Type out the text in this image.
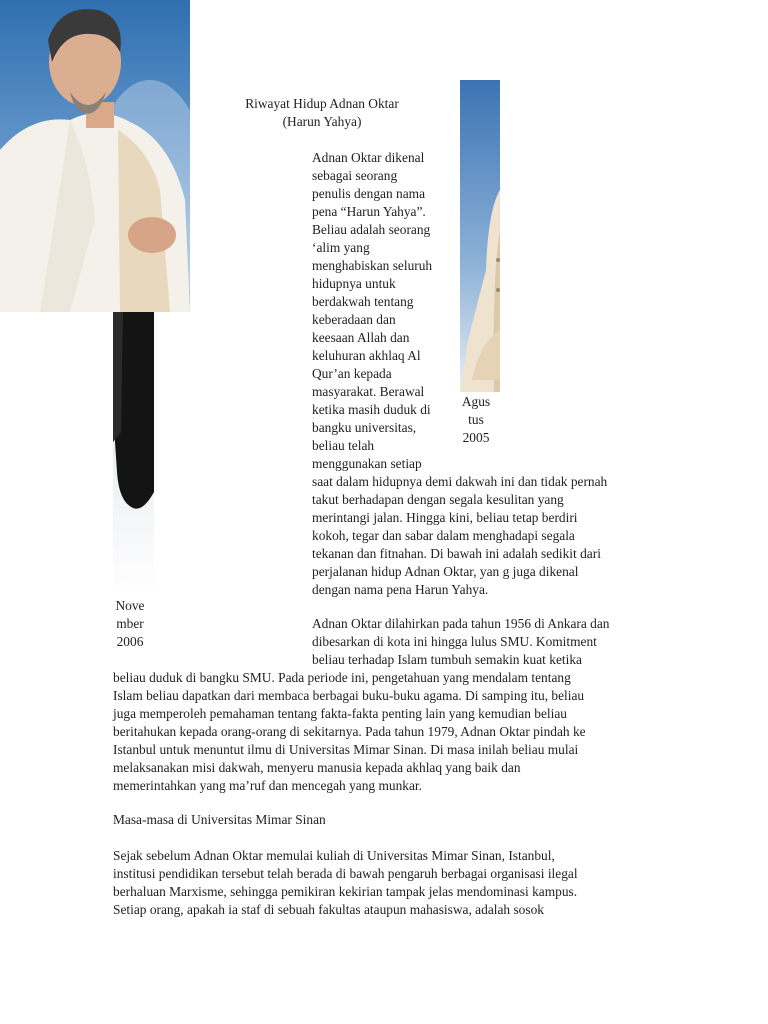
Agus
tus
2005
Nove
mber
2006
Riwayat Hidup Adnan Oktar
(Harun Yahya)
Adnan Oktar dikenal
sebagai seorang
penulis dengan nama
pena “Harun Yahya”.
Beliau adalah seorang
‘alim yang
menghabiskan seluruh
hidupnya untuk
berdakwah tentang
keberadaan dan
keesaan Allah dan
keluhuran akhlaq Al
Qur’an kepada
masyarakat. Berawal
ketika masih duduk di
bangku universitas,
beliau telah
menggunakan setiap
saat dalam hidupnya demi dakwah ini dan tidak pernah
takut berhadapan dengan segala kesulitan yang
merintangi jalan. Hingga kini, beliau tetap berdiri
kokoh, tegar dan sabar dalam menghadapi segala
tekanan dan fitnahan. Di bawah ini adalah sedikit dari
perjalanan hidup Adnan Oktar, yan g juga dikenal
dengan nama pena Harun Yahya.
Adnan Oktar dilahirkan pada tahun 1956 di Ankara dan
dibesarkan di kota ini hingga lulus SMU. Komitment
beliau terhadap Islam tumbuh semakin kuat ketika
beliau duduk di bangku SMU. Pada periode ini, pengetahuan yang mendalam tentang
Islam beliau dapatkan dari membaca berbagai buku-buku agama. Di samping itu, beliau
juga memperoleh pemahaman tentang fakta-fakta penting lain yang kemudian beliau
beritahukan kepada orang-orang di sekitarnya. Pada tahun 1979, Adnan Oktar pindah ke
Istanbul untuk menuntut ilmu di Universitas Mimar Sinan. Di masa inilah beliau mulai
melaksanakan misi dakwah, menyeru manusia kepada akhlaq yang baik dan
memerintahkan yang ma’ruf dan mencegah yang munkar.
Masa-masa di Universitas Mimar Sinan
Sejak sebelum Adnan Oktar memulai kuliah di Universitas Mimar Sinan, Istanbul,
institusi pendidikan tersebut telah berada di bawah pengaruh berbagai organisasi ilegal
berhaluan Marxisme, sehingga pemikiran kekirian tampak jelas mendominasi kampus.
Setiap orang, apakah ia staf di sebuah fakultas ataupun mahasiswa, adalah sosok
